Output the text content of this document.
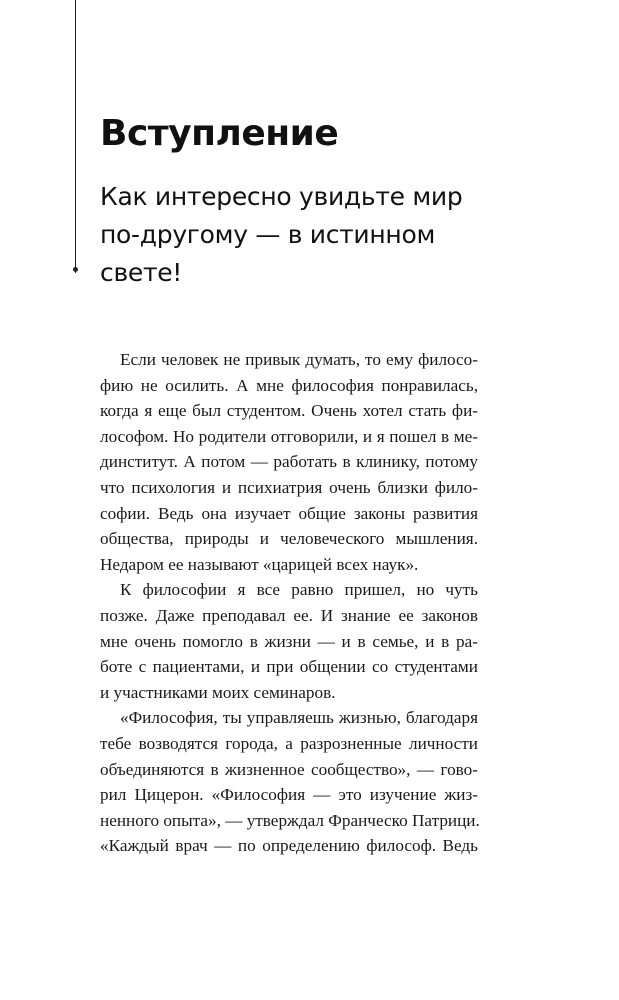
Вступление
Как интересно увидьте мир
по-другому — в истинном
свете!
Если человек не привык думать, то ему филосо-
фию не осилить. А мне философия понравилась,
когда я еще был студентом. Очень хотел стать фи-
лософом. Но родители отговорили, и я пошел в ме-
динститут. А потом — работать в клинику, потому
что психология и психиатрия очень близки фило-
софии. Ведь она изучает общие законы развития
общества, природы и человеческого мышления.
Недаром ее называют «царицей всех наук».
К философии я все равно пришел, но чуть
позже. Даже преподавал ее. И знание ее законов
мне очень помогло в жизни — и в семье, и в ра-
боте с пациентами, и при общении со студентами
и участниками моих семинаров.
«Философия, ты управляешь жизнью, благодаря
тебе возводятся города, а разрозненные личности
объединяются в жизненное сообщество», — гово-
рил Цицерон. «Философия — это изучение жиз-
ненного опыта», — утверждал Франческо Патрици.
«Каждый врач — по определению философ. Ведь
